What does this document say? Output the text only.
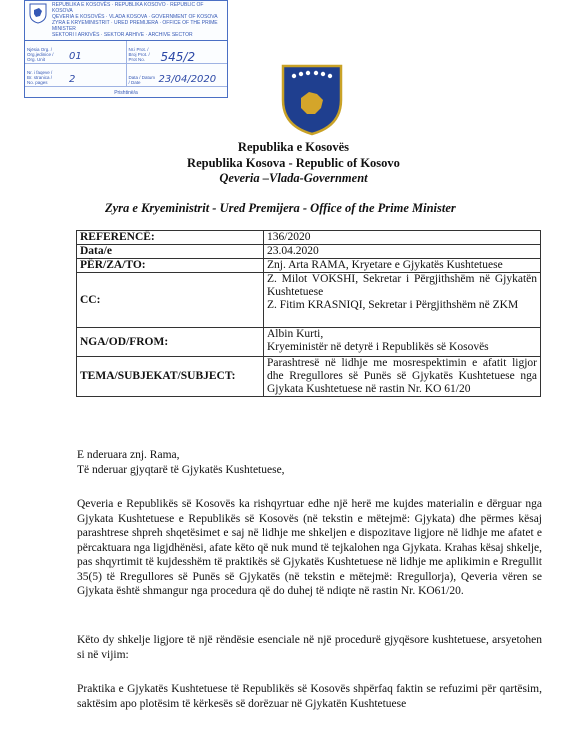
REPUBLIKA E KOSOVËS · REPUBLIKA KOSOVO · REPUBLIC OF KOSOVA
QEVERIA E KOSOVËS · VLADA KOSOVA · GOVERNMENT OF KOSOVA
ZYRA E KRYEMINISTRIT · URED PREMIJERA · OFFICE OF THE PRIME MINISTER
SEKTORI I ARKIVËS · SEKTOR ARHIVE · ARCHIVE SECTOR
Njësia Org. / Org.jedinice / Org. Unit	01
Nr.i Prot. / Broj Prot. / Prot No.	545/2
Nr. i faqeve / Br. stranica / No. pages	2	Data / Datum / Date	23/04/2020
Prishtinë/a
Republika e Kosovës
Republika Kosova - Republic of Kosovo
Qeveria –Vlada-Government
Zyra e Kryeministrit - Ured Premijera - Office of the Prime Minister
REFERENCË:	136/2020
Data/e	23.04.2020
PËR/ZA/TO:	Znj. Arta RAMA, Kryetare e Gjykatës Kushtetuese
CC:	Z. Milot VOKSHI, Sekretar i Përgjithshëm në Gjykatën Kushtetuese
Z. Fitim KRASNIQI, Sekretar i Përgjithshëm në ZKM

NGA/OD/FROM:	Albin Kurti,
Kryeministër në detyrë i Republikës së Kosovës

TEMA/SUBJEKAT/SUBJECT:	Parashtresë në lidhje me mosrespektimin e afatit ligjor dhe Rregullores së Punës së Gjykatës Kushtetuese nga Gjykata Kushtetuese në rastin Nr. KO 61/20
E nderuara znj. Rama,
Të nderuar gjyqtarë të Gjykatës Kushtetuese,

Qeveria e Republikës së Kosovës ka rishqyrtuar edhe një herë me kujdes materialin e dërguar nga Gjykata Kushtetuese e Republikës së Kosovës (në tekstin e mëtejmë: Gjykata) dhe përmes kësaj parashtrese shpreh shqetësimet e saj në lidhje me shkeljen e dispozitave ligjore në lidhje me afatet e përcaktuara nga ligjdhënësi, afate këto që nuk mund të tejkalohen nga Gjykata. Krahas kësaj shkelje, pas shqyrtimit të kujdesshëm të praktikës së Gjykatës Kushtetuese në lidhje me aplikimin e Rregullit 35(5) të Rregullores së Punës së Gjykatës (në tekstin e mëtejmë: Rregullorja), Qeveria vëren se Gjykata është shmangur nga procedura që do duhej të ndiqte në rastin Nr. KO61/20.

Këto dy shkelje ligjore të një rëndësie esenciale në një procedurë gjyqësore kushtetuese, arsyetohen si në vijim:

Praktika e Gjykatës Kushtetuese të Republikës së Kosovës shpërfaq faktin se refuzimi për qartësim, saktësim apo plotësim të kërkesës së dorëzuar në Gjykatën Kushtetuese
